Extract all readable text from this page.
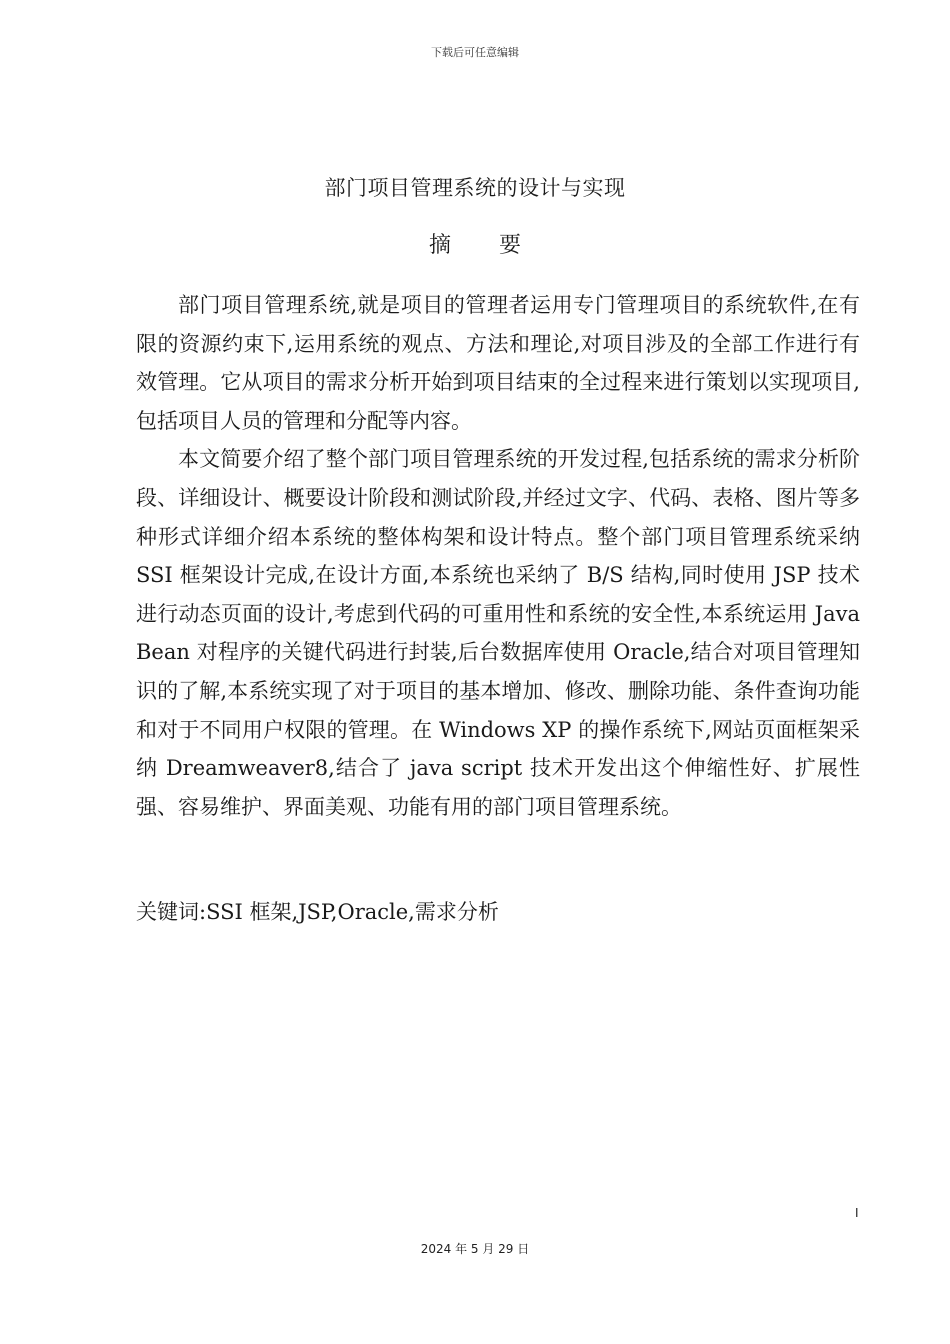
下载后可任意编辑
部门项目管理系统的设计与实现
摘 要

部门项目管理系统,就是项目的管理者运用专门管理项目的系统软件,在有限的资源约束下,运用系统的观点、方法和理论,对项目涉及的全部工作进行有效管理。它从项目的需求分析开始到项目结束的全过程来进行策划以实现项目,包括项目人员的管理和分配等内容。

本文简要介绍了整个部门项目管理系统的开发过程,包括系统的需求分析阶段、详细设计、概要设计阶段和测试阶段,并经过文字、代码、表格、图片等多种形式详细介绍本系统的整体构架和设计特点。整个部门项目管理系统采纳 SSI 框架设计完成,在设计方面,本系统也采纳了 B/S 结构,同时使用 JSP 技术进行动态页面的设计,考虑到代码的可重用性和系统的安全性,本系统运用 Java Bean 对程序的关键代码进行封装,后台数据库使用 Oracle,结合对项目管理知识的了解,本系统实现了对于项目的基本增加、修改、删除功能、条件查询功能和对于不同用户权限的管理。在 Windows XP 的操作系统下,网站页面框架采纳 Dreamweaver8,结合了 java script 技术开发出这个伸缩性好、扩展性强、容易维护、界面美观、功能有用的部门项目管理系统。

关键词:SSI 框架,JSP,Oracle,需求分析
I
2024 年 5 月 29 日
